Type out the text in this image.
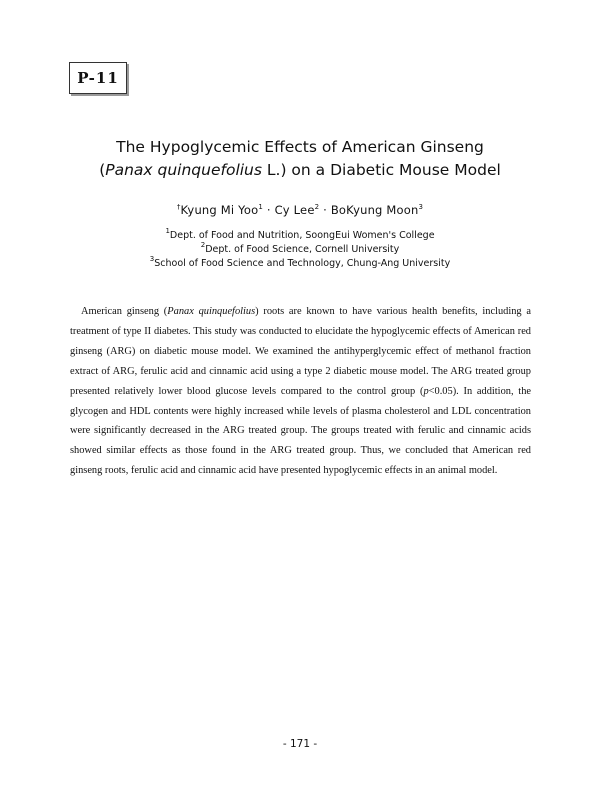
P-11
The Hypoglycemic Effects of American Ginseng
(Panax quinquefolius L.) on a Diabetic Mouse Model
†Kyung Mi Yoo$^1$ · Cy Lee$^2$ · BoKyung Moon$^3$
$^1$Dept. of Food and Nutrition, SoongEui Women's College
$^2$Dept. of Food Science, Cornell University
$^3$School of Food Science and Technology, Chung-Ang University

American ginseng (Panax quinquefolius) roots are known to have various health benefits, including a treatment of type II diabetes. This study was conducted to elucidate the hypoglycemic effects of American red ginseng (ARG) on diabetic mouse model. We examined the antihyperglycemic effect of methanol fraction extract of ARG, ferulic acid and cinnamic acid using a type 2 diabetic mouse model. The ARG treated group presented relatively lower blood glucose levels compared to the control group (p<0.05). In addition, the glycogen and HDL contents were highly increased while levels of plasma cholesterol and LDL concentration were significantly decreased in the ARG treated group. The groups treated with ferulic and cinnamic acids showed similar effects as those found in the ARG treated group. Thus, we concluded that American red ginseng roots, ferulic acid and cinnamic acid have presented hypoglycemic effects in an animal model.

- 171 -
